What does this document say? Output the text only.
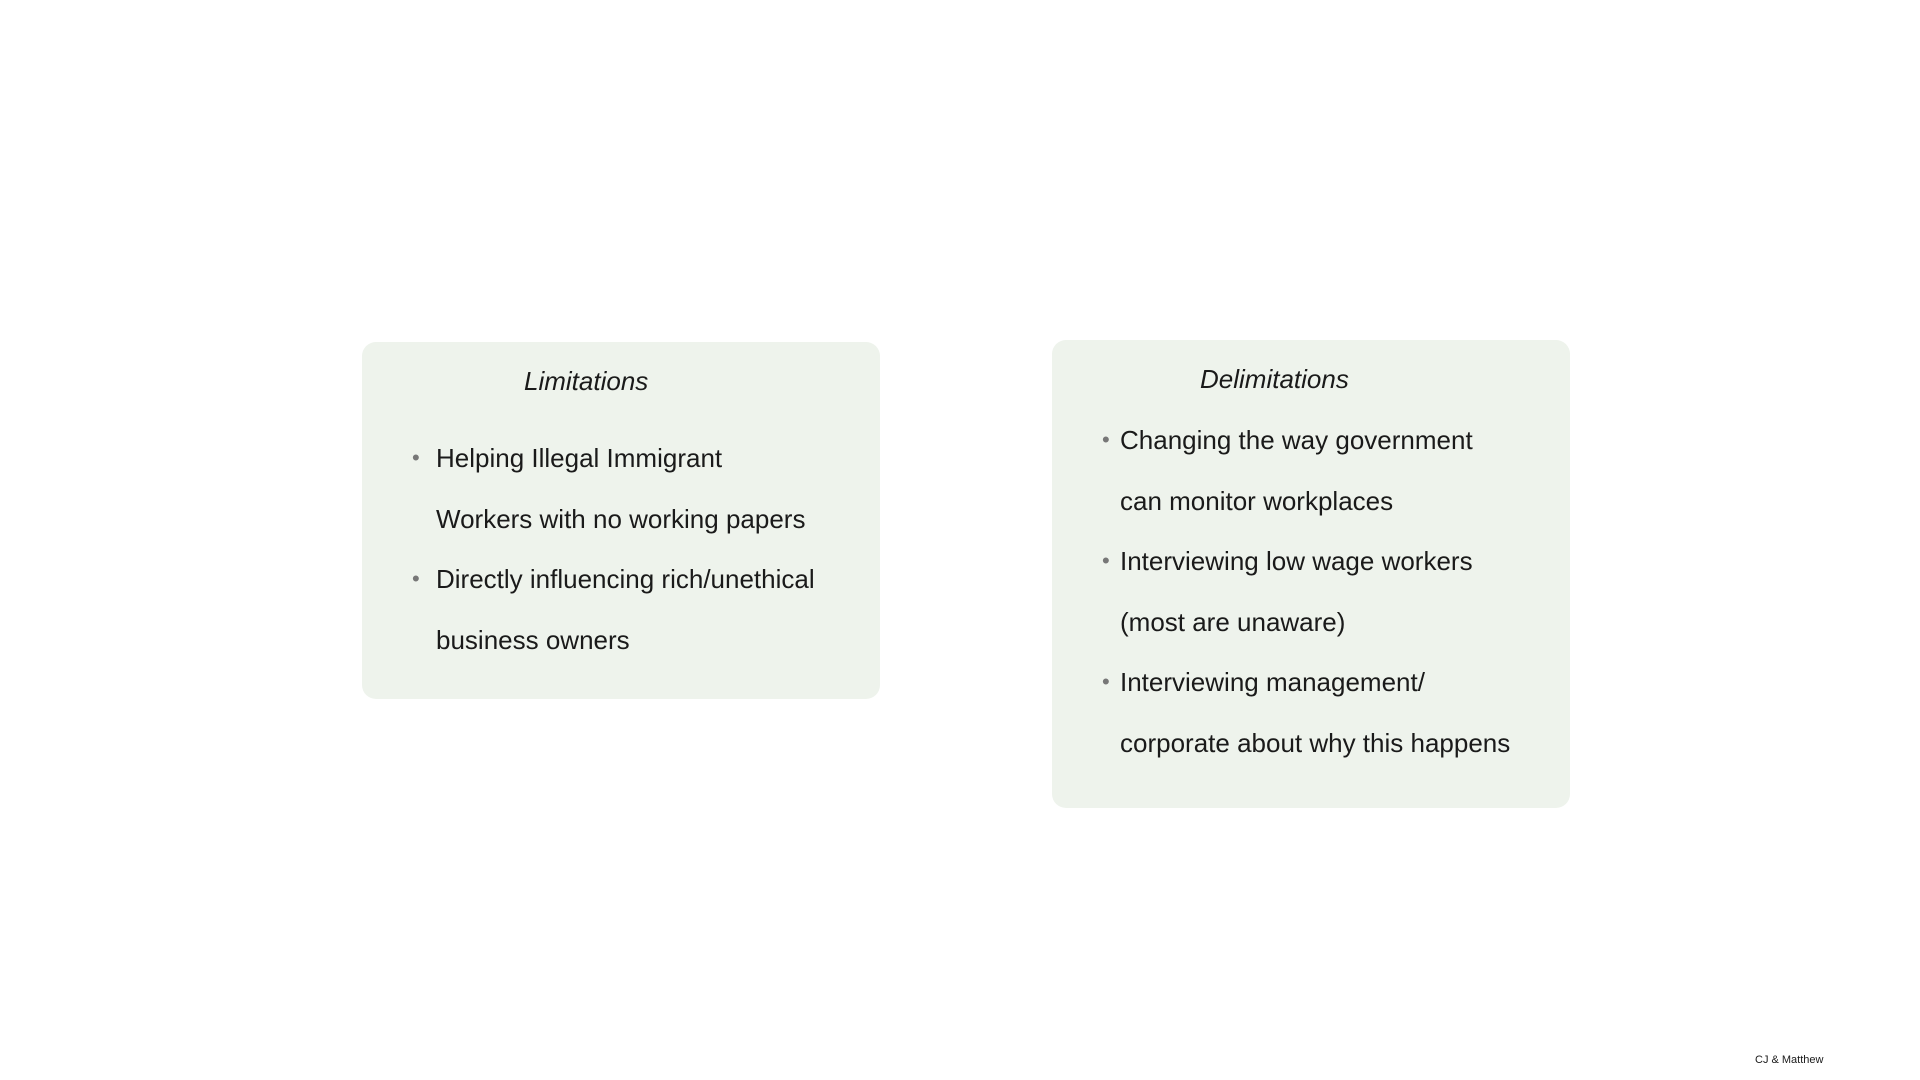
Limitations
• Helping Illegal Immigrant
Workers with no working papers
• Directly influencing rich/unethical
business owners
Delimitations
• Changing the way government
can monitor workplaces
• Interviewing low wage workers
(most are unaware)
• Interviewing management/
corporate about why this happens
CJ & Matthew
